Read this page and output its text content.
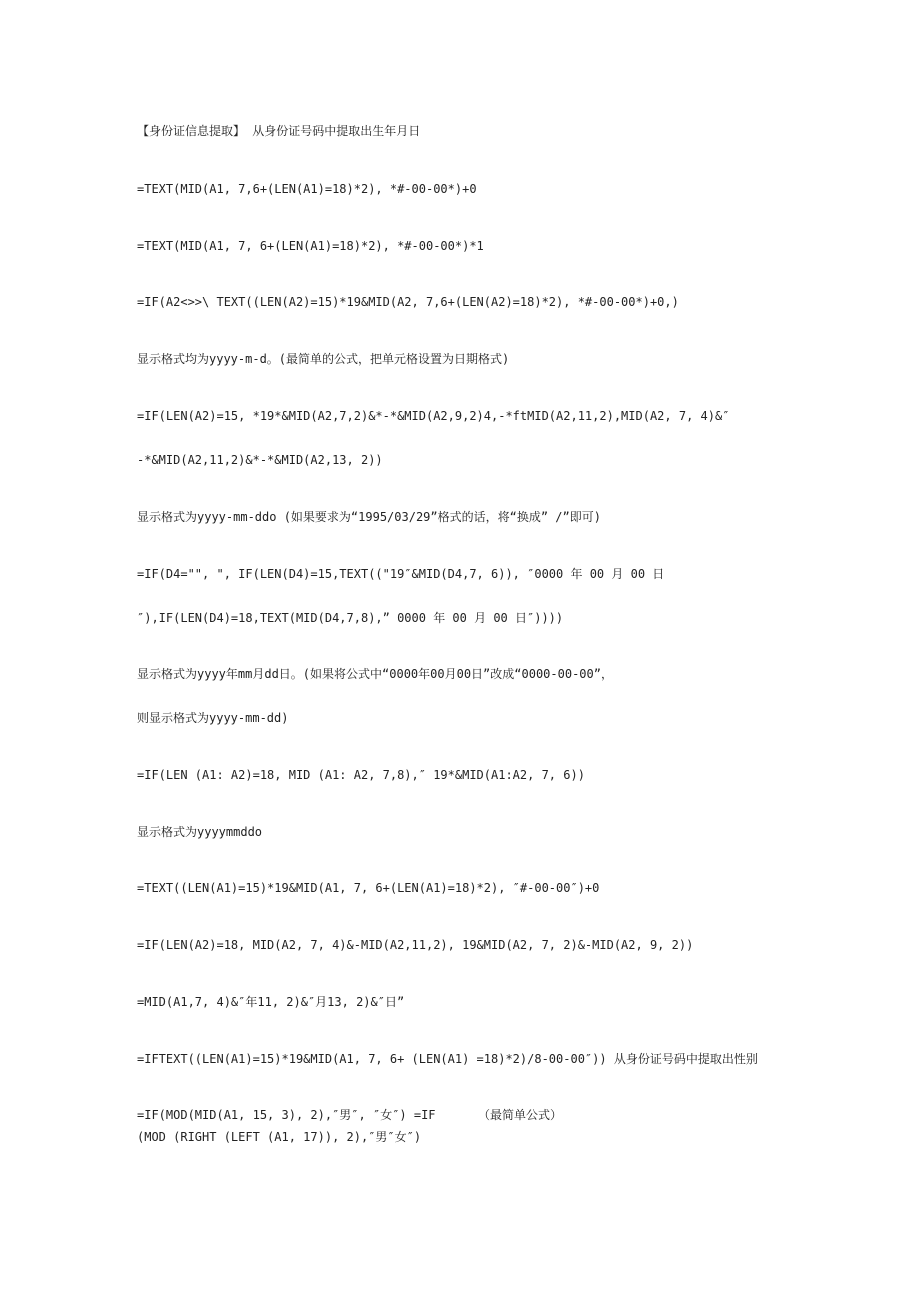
【身份证信息提取】 从身份证号码中提取出生年月日

=TEXT(MID(A1, 7,6+(LEN(A1)=18)*2), *#-00-00*)+0

=TEXT(MID(A1, 7, 6+(LEN(A1)=18)*2), *#-00-00*)*1

=IF(A2<>>\ TEXT((LEN(A2)=15)*19&MID(A2, 7,6+(LEN(A2)=18)*2), *#-00-00*)+0,)

显示格式均为yyyy-m-d。(最简单的公式，把单元格设置为日期格式)

=IF(LEN(A2)=15, *19*&MID(A2,7,2)&*-*&MID(A2,9,2)4,-*ftMID(A2,11,2),MID(A2, 7, 4)&″

-*&MID(A2,11,2)&*-*&MID(A2,13, 2))

显示格式为yyyy-mm-ddo (如果要求为“1995/03/29”格式的话，将“换成” /”即可)

=IF(D4="", ", IF(LEN(D4)=15,TEXT(("19″&MID(D4,7, 6)), ″0000 年 00 月 00 日

″),IF(LEN(D4)=18,TEXT(MID(D4,7,8),” 0000 年 00 月 00 日″))))

显示格式为yyyy年mm月dd日。(如果将公式中“0000年00月00日”改成“0000-00-00”，

则显示格式为yyyy-mm-dd)

=IF(LEN (A1: A2)=18, MID (A1: A2, 7,8),″ 19*&MID(A1:A2, 7, 6))

显示格式为yyyymmddo

=TEXT((LEN(A1)=15)*19&MID(A1, 7, 6+(LEN(A1)=18)*2), ″#-00-00″)+0

=IF(LEN(A2)=18, MID(A2, 7, 4)&-MID(A2,11,2), 19&MID(A2, 7, 2)&-MID(A2, 9, 2))

=MID(A1,7, 4)&″年11, 2)&″月13, 2)&″日”

=IFTEXT((LEN(A1)=15)*19&MID(A1, 7, 6+ (LEN(A1) =18)*2)/8-00-00″)) 从身份证号码中提取出性别

=IF(MOD(MID(A1, 15, 3), 2),″男″, ″女″) =IF	（最简单公式）

(MOD (RIGHT (LEFT (A1, 17)), 2),″男″女″)
